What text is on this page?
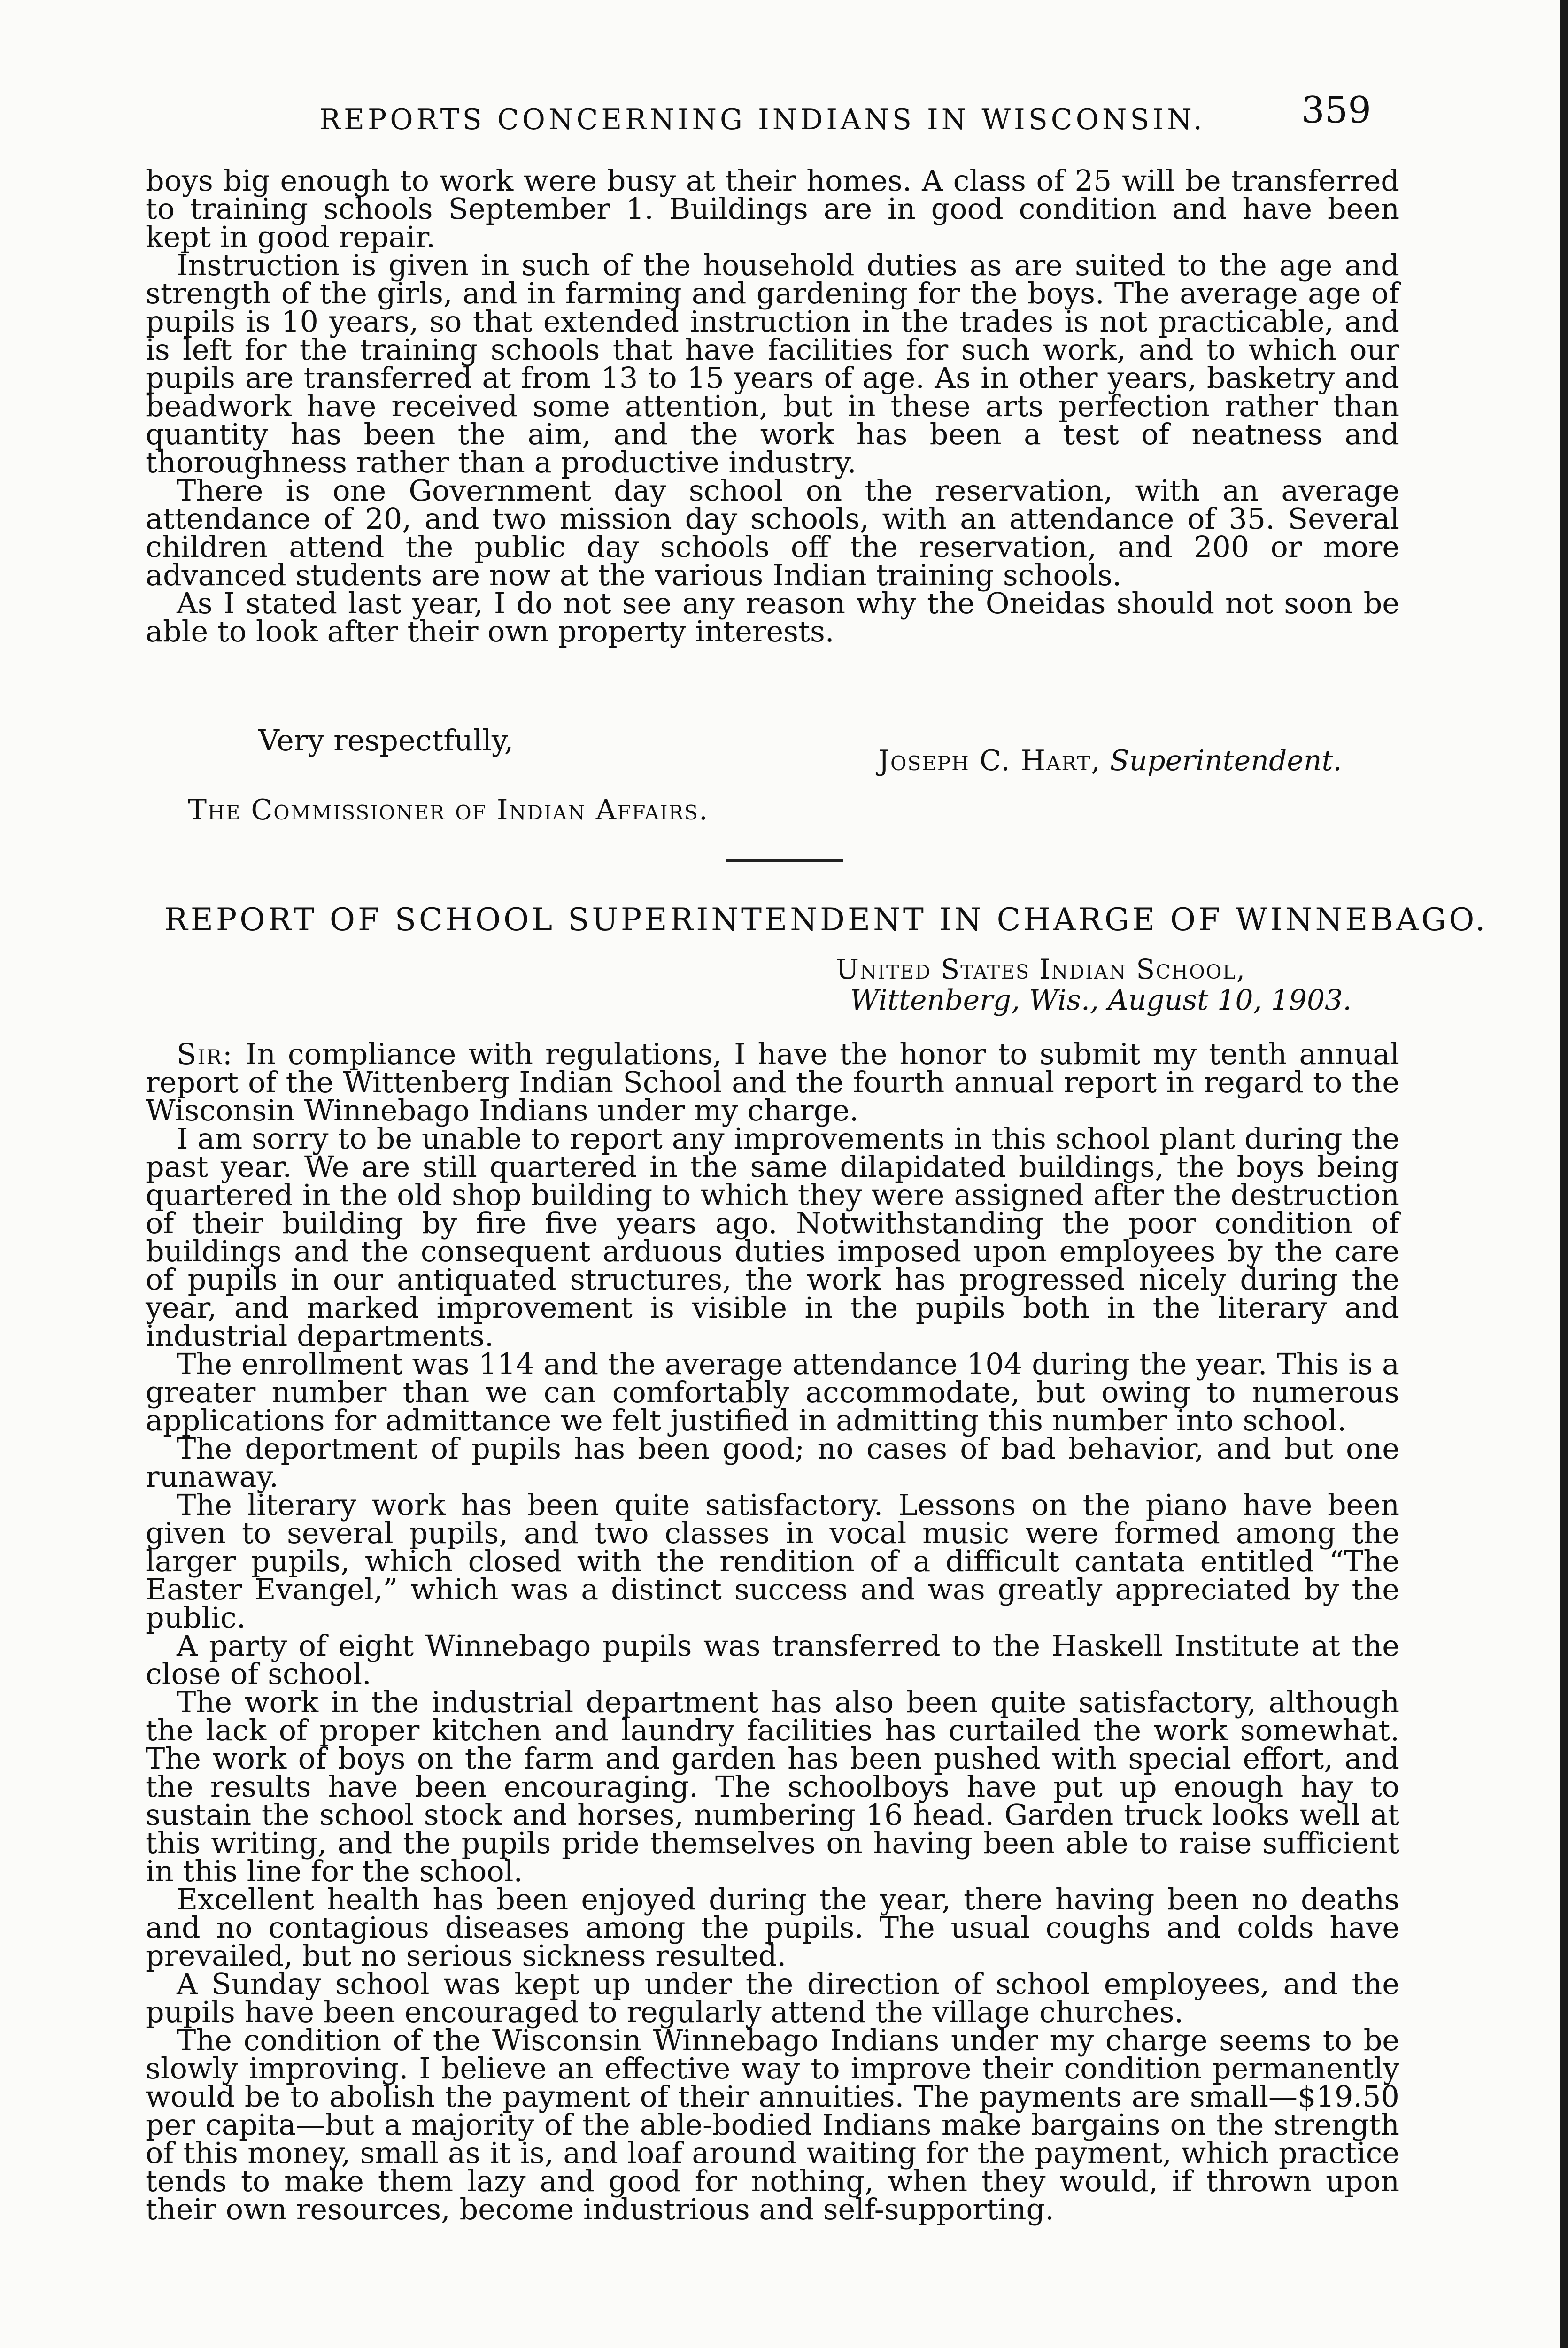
REPORTS CONCERNING INDIANS IN WISCONSIN.	359

boys big enough to work were busy at their homes. A class of 25 will be transferred to training schools September 1. Buildings are in good condition and have been kept in good repair.

Instruction is given in such of the household duties as are suited to the age and strength of the girls, and in farming and gardening for the boys. The average age of pupils is 10 years, so that extended instruction in the trades is not practicable, and is left for the training schools that have facilities for such work, and to which our pupils are transferred at from 13 to 15 years of age. As in other years, basketry and beadwork have received some attention, but in these arts perfection rather than quantity has been the aim, and the work has been a test of neatness and thoroughness rather than a productive industry.

There is one Government day school on the reservation, with an average attendance of 20, and two mission day schools, with an attendance of 35. Several children attend the public day schools off the reservation, and 200 or more advanced students are now at the various Indian training schools.

As I stated last year, I do not see any reason why the Oneidas should not soon be able to look after their own property interests.

Very respectfully,
Joseph C. Hart, Superintendent.
The Commissioner of Indian Affairs.
REPORT OF SCHOOL SUPERINTENDENT IN CHARGE OF WINNEBAGO.
United States Indian School,
Wittenberg, Wis., August 10, 1903.

Sir: In compliance with regulations, I have the honor to submit my tenth annual report of the Wittenberg Indian School and the fourth annual report in regard to the Wisconsin Winnebago Indians under my charge.

I am sorry to be unable to report any improvements in this school plant during the past year. We are still quartered in the same dilapidated buildings, the boys being quartered in the old shop building to which they were assigned after the destruction of their building by fire five years ago. Notwithstanding the poor condition of buildings and the consequent arduous duties imposed upon employees by the care of pupils in our antiquated structures, the work has progressed nicely during the year, and marked improvement is visible in the pupils both in the literary and industrial departments.

The enrollment was 114 and the average attendance 104 during the year. This is a greater number than we can comfortably accommodate, but owing to numerous applications for admittance we felt justified in admitting this number into school.

The deportment of pupils has been good; no cases of bad behavior, and but one runaway.

The literary work has been quite satisfactory. Lessons on the piano have been given to several pupils, and two classes in vocal music were formed among the larger pupils, which closed with the rendition of a difficult cantata entitled “The Easter Evangel,” which was a distinct success and was greatly appreciated by the public.

A party of eight Winnebago pupils was transferred to the Haskell Institute at the close of school.

The work in the industrial department has also been quite satisfactory, although the lack of proper kitchen and laundry facilities has curtailed the work somewhat. The work of boys on the farm and garden has been pushed with special effort, and the results have been encouraging. The schoolboys have put up enough hay to sustain the school stock and horses, numbering 16 head. Garden truck looks well at this writing, and the pupils pride themselves on having been able to raise sufficient in this line for the school.

Excellent health has been enjoyed during the year, there having been no deaths and no contagious diseases among the pupils. The usual coughs and colds have prevailed, but no serious sickness resulted.

A Sunday school was kept up under the direction of school employees, and the pupils have been encouraged to regularly attend the village churches.

The condition of the Wisconsin Winnebago Indians under my charge seems to be slowly improving. I believe an effective way to improve their condition permanently would be to abolish the payment of their annuities. The payments are small—$19.50 per capita—but a majority of the able-bodied Indians make bargains on the strength of this money, small as it is, and loaf around waiting for the payment, which practice tends to make them lazy and good for nothing, when they would, if thrown upon their own resources, become industrious and self-supporting.
